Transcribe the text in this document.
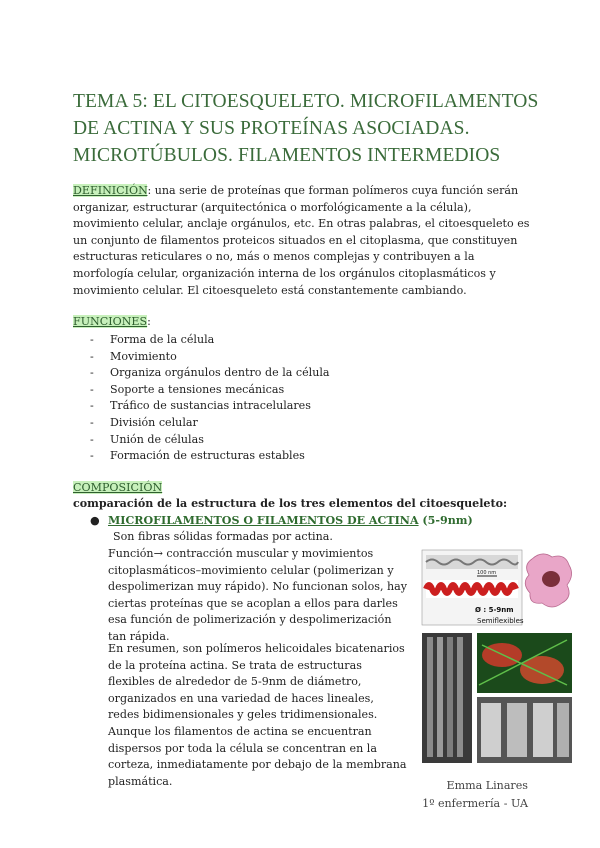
TEMA 5: EL CITOESQUELETO. MICROFILAMENTOS DE ACTINA Y SUS PROTEÍNAS ASOCIADAS. MICROTÚBULOS. FILAMENTOS INTERMEDIOS

DEFINICIÓN: una serie de proteínas que forman polímeros cuya función serán organizar, estructurar (arquitectónica o morfológicamente a la célula), movimiento celular, anclaje orgánulos, etc. En otras palabras, el citoesqueleto es un conjunto de filamentos proteicos situados en el citoplasma, que constituyen estructuras reticulares o no, más o menos complejas y contribuyen a la morfología celular, organización interna de los orgánulos citoplasmáticos y movimiento celular. El citoesqueleto está constantemente cambiando.

FUNCIONES:
- Forma de la célula
- Movimiento
- Organiza orgánulos dentro de la célula
- Soporte a tensiones mecánicas
- Tráfico de sustancias intracelulares
- División celular
- Unión de células
- Formación de estructuras estables
COMPOSICIÓN
comparación de la estructura de los tres elementos del citoesqueleto:
● MICROFILAMENTOS O FILAMENTOS DE ACTINA (5-9nm)

Son fibras sólidas formadas por actina.

Función→ contracción muscular y movimientos citoplasmáticos–movimiento celular (polimerizan y despolimerizan muy rápido). No funcionan solos, hay ciertas proteínas que se acoplan a ellos para darles esa función de polimerización y despolimerización tan rápida.

En resumen, son polímeros helicoidales bicatenarios de la proteína actina. Se trata de estructuras flexibles de alrededor de 5-9nm de diámetro, organizados en una variedad de haces lineales, redes bidimensionales y geles tridimensionales. Aunque los filamentos de actina se encuentran dispersos por toda la célula se concentran en la corteza, inmediatamente por debajo de la membrana plasmática.

100 nm
Ø : 5-9nm
Semiflexibles
Emma Linares
1º enfermería - UA
